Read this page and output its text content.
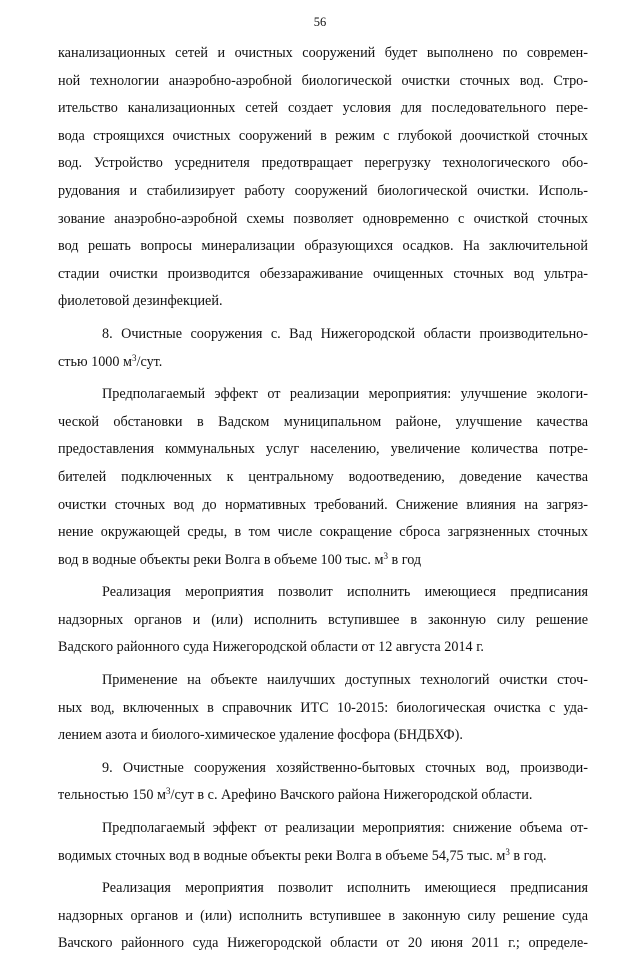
56
канализационных сетей и очистных сооружений будет выполнено по современ-
ной технологии анаэробно-аэробной биологической очистки сточных вод. Стро-
ительство канализационных сетей создает условия для последовательного пере-
вода строящихся очистных сооружений в режим с глубокой доочисткой сточных
вод. Устройство усреднителя предотвращает перегрузку технологического обо-
рудования и стабилизирует работу сооружений биологической очистки. Исполь-
зование анаэробно-аэробной схемы позволяет одновременно с очисткой сточных
вод решать вопросы минерализации образующихся осадков. На заключительной
стадии очистки производится обеззараживание очищенных сточных вод ультра-
фиолетовой дезинфекцией.
8. Очистные сооружения с. Вад Нижегородской области производительно-
стью 1000 $м^3$/сут.
Предполагаемый эффект от реализации мероприятия: улучшение экологи-
ческой обстановки в Вадском муниципальном районе, улучшение качества
предоставления коммунальных услуг населению, увеличение количества потре-
бителей подключенных к центральному водоотведению, доведение качества
очистки сточных вод до нормативных требований. Снижение влияния на загряз-
нение окружающей среды, в том числе сокращение сброса загрязненных сточных
вод в водные объекты реки Волга в объеме 100 тыс. $м^3$ в год
Реализация мероприятия позволит исполнить имеющиеся предписания
надзорных органов и (или) исполнить вступившее в законную силу решение
Вадского районного суда Нижегородской области от 12 августа 2014 г.
Применение на объекте наилучших доступных технологий очистки сточ-
ных вод, включенных в справочник ИТС 10-2015: биологическая очистка с уда-
лением азота и биолого-химическое удаление фосфора (БНДБХФ).
9. Очистные сооружения хозяйственно-бытовых сточных вод, производи-
тельностью 150 $м^3$/сут в с. Арефино Вачского района Нижегородской области.
Предполагаемый эффект от реализации мероприятия: снижение объема от-
водимых сточных вод в водные объекты реки Волга в объеме 54,75 тыс. $м^3$ в год.
Реализация мероприятия позволит исполнить имеющиеся предписания
надзорных органов и (или) исполнить вступившее в законную силу решение суда
Вачского районного суда Нижегородской области от 20 июня 2011 г.; определе-
